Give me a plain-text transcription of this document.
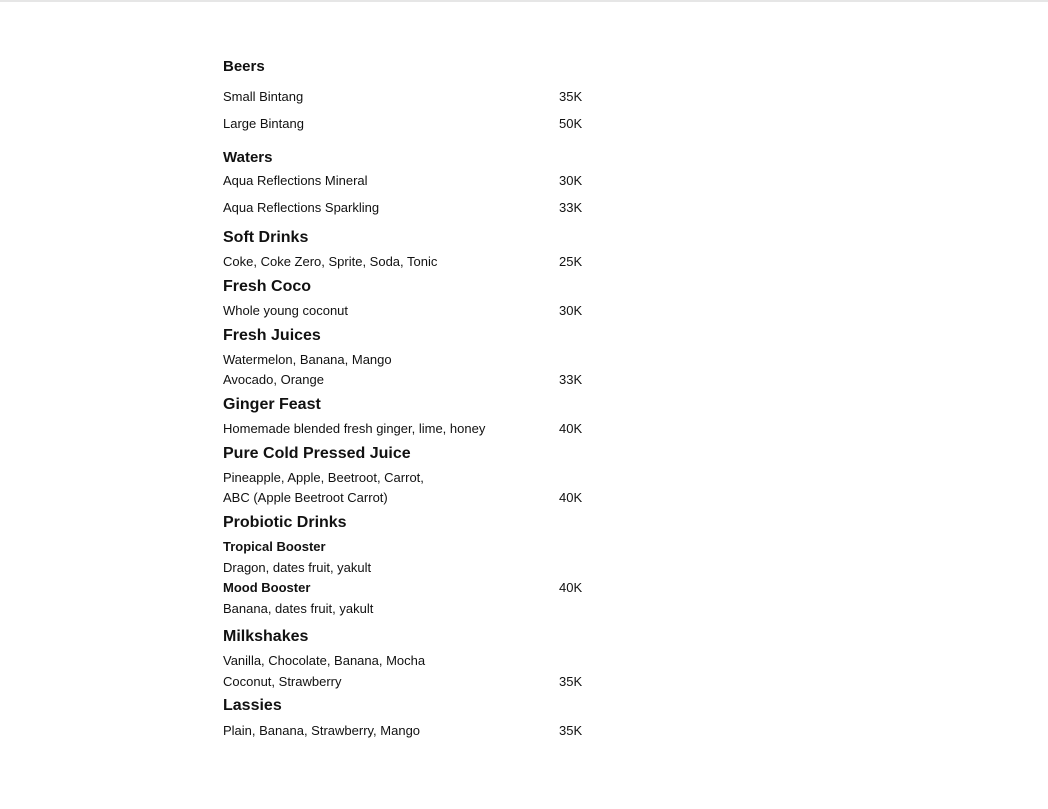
Beers
Small Bintang	35K
Large Bintang	50K
Waters
Aqua Reflections Mineral	30K
Aqua Reflections Sparkling	33K
Soft Drinks
Coke, Coke Zero, Sprite, Soda, Tonic	25K
Fresh Coco
Whole young coconut	30K
Fresh Juices
Watermelon, Banana, Mango
Avocado, Orange	33K
Ginger Feast
Homemade blended fresh ginger, lime, honey	40K
Pure Cold Pressed Juice
Pineapple, Apple, Beetroot, Carrot,
ABC (Apple Beetroot Carrot)	40K
Probiotic Drinks
Tropical Booster
Dragon, dates fruit, yakult
Mood Booster	40K
Banana, dates fruit, yakult
Milkshakes
Vanilla, Chocolate, Banana, Mocha
Coconut, Strawberry	35K
Lassies
Plain, Banana, Strawberry, Mango	35K
